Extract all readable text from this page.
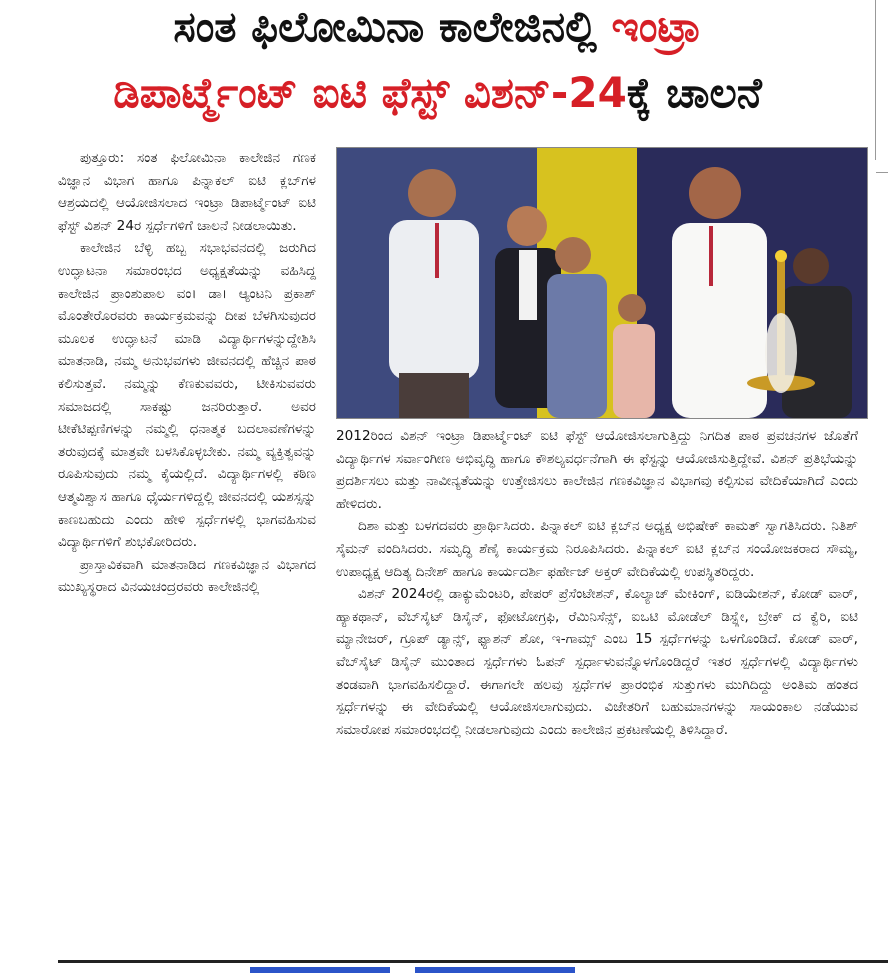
ಸಂತ ಫಿಲೋಮಿನಾ ಕಾಲೇಜಿನಲ್ಲಿ ಇಂಟ್ರಾ
ಡಿಪಾರ್ಟ್ಮೆಂಟ್ ಐಟಿ ಫೆಸ್ಟ್ ವಿಶನ್-24ಕ್ಕೆ ಚಾಲನೆ

ಪುತ್ತೂರು: ಸಂತ ಫಿಲೋಮಿನಾ ಕಾಲೇಜಿನ ಗಣಕ ವಿಜ್ಞಾನ ವಿಭಾಗ ಹಾಗೂ ಪಿನ್ನಾಕಲ್ ಐಟಿ ಕ್ಲಬ್‌ಗಳ ಆಶ್ರಯದಲ್ಲಿ ಆಯೋಜಿಸಲಾದ ಇಂಟ್ರಾ ಡಿಪಾರ್ಟ್ಮೆಂಟ್ ಐಟಿ ಫೆಸ್ಟ್ ವಿಶನ್ 24ರ ಸ್ಪರ್ಧೆಗಳಿಗೆ ಚಾಲನೆ ನೀಡಲಾಯಿತು.

ಕಾಲೇಜಿನ ಬೆಳ್ಳಿ ಹಬ್ಬ ಸಭಾಭವನದಲ್ಲಿ ಜರುಗಿದ ಉದ್ಘಾಟನಾ ಸಮಾರಂಭದ ಅಧ್ಯಕ್ಷತೆಯನ್ನು ವಹಿಸಿದ್ದ ಕಾಲೇಜಿನ ಪ್ರಾಂಶುಪಾಲ ವಂ। ಡಾ। ಆ್ಯಂಟನಿ ಪ್ರಕಾಶ್ ಮೊಂತೇರೊರವರು ಕಾರ್ಯಕ್ರಮವನ್ನು ದೀಪ ಬೆಳಗಿಸುವುದರ ಮೂಲಕ ಉದ್ಘಾಟನೆ ಮಾಡಿ ವಿದ್ಯಾರ್ಥಿಗಳನ್ನುದ್ದೇಶಿಸಿ ಮಾತನಾಡಿ, ನಮ್ಮ ಅನುಭವಗಳು ಜೀವನದಲ್ಲಿ ಹೆಚ್ಚಿನ ಪಾಠ ಕಲಿಸುತ್ತವೆ. ನಮ್ಮನ್ನು ಕೆಣಕುವವರು, ಟೀಕಿಸುವವರು ಸಮಾಜದಲ್ಲಿ ಸಾಕಷ್ಟು ಜನರಿರುತ್ತಾರೆ. ಅವರ ಟೀಕೆಟಿಪ್ಪಣಿಗಳನ್ನು ನಮ್ಮಲ್ಲಿ ಧನಾತ್ಮಕ ಬದಲಾವಣೆಗಳನ್ನು ತರುವುದಕ್ಕೆ ಮಾತ್ರವೇ ಬಳಸಿಕೊಳ್ಳಬೇಕು. ನಮ್ಮ ವ್ಯಕ್ತಿತ್ವವನ್ನು ರೂಪಿಸುವುದು ನಮ್ಮ ಕೈಯಲ್ಲಿದೆ. ವಿದ್ಯಾರ್ಥಿಗಳಲ್ಲಿ ಕಠಿಣ ಆತ್ಮವಿಶ್ವಾಸ ಹಾಗೂ ಧೈರ್ಯಗಳಿದ್ದಲ್ಲಿ ಜೀವನದಲ್ಲಿ ಯಶಸ್ಸನ್ನು ಕಾಣಬಹುದು ಎಂದು ಹೇಳಿ ಸ್ಪರ್ಧೆಗಳಲ್ಲಿ ಭಾಗವಹಿಸುವ ವಿದ್ಯಾರ್ಥಿಗಳಿಗೆ ಶುಭಕೋರಿದರು.

ಪ್ರಾಸ್ತಾವಿಕವಾಗಿ ಮಾತನಾಡಿದ ಗಣಕವಿಜ್ಞಾನ ವಿಭಾಗದ ಮುಖ್ಯಸ್ಥರಾದ ವಿನಯಚಂದ್ರರವರು ಕಾಲೇಜಿನಲ್ಲಿ

2012ರಿಂದ ವಿಶನ್ ಇಂಟ್ರಾ ಡಿಪಾರ್ಟ್ಮೆಂಟ್ ಐಟಿ ಫೆಸ್ಟ್ ಆಯೋಜಿಸಲಾಗುತ್ತಿದ್ದು ನಿಗದಿತ ಪಾಠ ಪ್ರವಚನಗಳ ಜೊತೆಗೆ ವಿದ್ಯಾರ್ಥಿಗಳ ಸರ್ವಾಂಗೀಣ ಅಭಿವೃದ್ಧಿ ಹಾಗೂ ಕೌಶಲ್ಯವರ್ಧನೆಗಾಗಿ ಈ ಫೆಸ್ಟನ್ನು ಆಯೋಜಿಸುತ್ತಿದ್ದೇವೆ. ವಿಶನ್ ಪ್ರತಿಭೆಯನ್ನು ಪ್ರದರ್ಶಿಸಲು ಮತ್ತು ನಾವೀನ್ಯತೆಯನ್ನು ಉತ್ತೇಜಿಸಲು ಕಾಲೇಜಿನ ಗಣಕವಿಜ್ಞಾನ ವಿಭಾಗವು ಕಲ್ಪಿಸುವ ವೇದಿಕೆಯಾಗಿದೆ ಎಂದು ಹೇಳಿದರು.

ದಿಶಾ ಮತ್ತು ಬಳಗದವರು ಪ್ರಾರ್ಥಿಸಿದರು. ಪಿನ್ನಾಕಲ್ ಐಟಿ ಕ್ಲಬ್‌ನ ಅಧ್ಯಕ್ಷ ಅಭಿಷೇಕ್ ಕಾಮತ್ ಸ್ವಾಗತಿಸಿದರು. ನಿತಿಶ್ ಸೈಮನ್ ವಂದಿಸಿದರು. ಸಮೃದ್ಧಿ ಶೆಣೈ ಕಾರ್ಯಕ್ರಮ ನಿರೂಪಿಸಿದರು. ಪಿನ್ನಾಕಲ್ ಐಟಿ ಕ್ಲಬ್‌ನ ಸಂಯೋಜಕರಾದ ಸೌಮ್ಯ, ಉಪಾಧ್ಯಕ್ಷ ಆದಿತ್ಯ ದಿನೇಶ್ ಹಾಗೂ ಕಾರ್ಯದರ್ಶಿ ಫರ್ಹೇಜ್ ಅಕ್ತರ್ ವೇದಿಕೆಯಲ್ಲಿ ಉಪಸ್ಥಿತರಿದ್ದರು.

ವಿಶನ್ 2024ರಲ್ಲಿ ಡಾಕ್ಯುಮೆಂಟರಿ, ಪೇಪರ್ ಪ್ರೆಸೆಂಟೇಶನ್, ಕೊಲ್ಯಾಜ್ ಮೇಕಿಂಗ್, ಐಡಿಯೇಶನ್, ಕೋಡ್ ವಾರ್, ಹ್ಯಾಕಥಾನ್, ವೆಬ್‌ಸೈಟ್ ಡಿಸೈನ್, ಫೋಟೋಗ್ರಫಿ, ರೆಮಿನಿಸೆನ್ಸ್, ಐಒಟಿ ಮೋಡೆಲ್ ಡಿಸ್ಪ್ಲೇ, ಬ್ರೇಕ್ ದ ಕ್ವೆರಿ, ಐಟಿ ಮ್ಯಾನೇಜರ್, ಗ್ರೂಪ್ ಡ್ಯಾನ್ಸ್, ಫ್ಯಾಶನ್ ಶೋ, ಇ-ಗಾಮ್ಸ್ ಎಂಬ 15 ಸ್ಪರ್ಧೆಗಳನ್ನು ಒಳಗೊಂಡಿದೆ. ಕೋಡ್ ವಾರ್, ವೆಬ್‌ಸೈಟ್ ಡಿಸೈನ್ ಮುಂತಾದ ಸ್ಪರ್ಧೆಗಳು ಓಪನ್ ಸ್ಪರ್ಧಾಳುವನ್ನೊಳಗೊಂಡಿದ್ದರೆ ಇತರ ಸ್ಪರ್ಧೆಗಳಲ್ಲಿ ವಿದ್ಯಾರ್ಥಿಗಳು ತಂಡವಾಗಿ ಭಾಗವಹಿಸಲಿದ್ದಾರೆ. ಈಗಾಗಲೇ ಹಲವು ಸ್ಪರ್ಧೆಗಳ ಪ್ರಾರಂಭಿಕ ಸುತ್ತುಗಳು ಮುಗಿದಿದ್ದು ಅಂತಿಮ ಹಂತದ ಸ್ಪರ್ಧೆಗಳನ್ನು ಈ ವೇದಿಕೆಯಲ್ಲಿ ಆಯೋಜಿಸಲಾಗುವುದು. ವಿಜೇತರಿಗೆ ಬಹುಮಾನಗಳನ್ನು ಸಾಯಂಕಾಲ ನಡೆಯುವ ಸಮಾರೋಪ ಸಮಾರಂಭದಲ್ಲಿ ನೀಡಲಾಗುವುದು ಎಂದು ಕಾಲೇಜಿನ ಪ್ರಕಟಣೆಯಲ್ಲಿ ತಿಳಿಸಿದ್ದಾರೆ.
